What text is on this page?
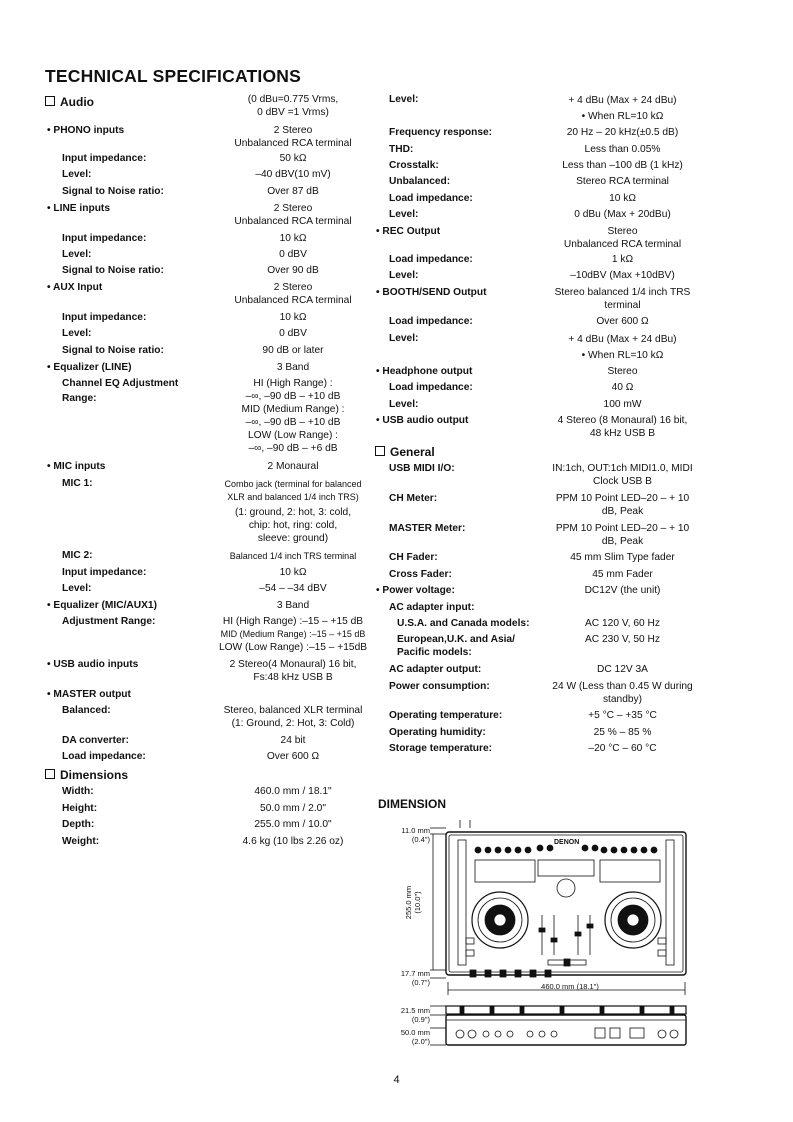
TECHNICAL SPECIFICATIONS
Audio	(0 dBu=0.775 Vrms,
0 dBV =1 Vrms)
• PHONO inputs	2 Stereo
Unbalanced RCA terminal
Input impedance:	50 kΩ
Level:	–40 dBV(10 mV)
Signal to Noise ratio:	Over 87 dB
• LINE inputs	2 Stereo
Unbalanced RCA terminal
Input impedance:	10 kΩ
Level:	0 dBV
Signal to Noise ratio:	Over 90 dB
• AUX Input	2 Stereo
Unbalanced RCA terminal
Input impedance:	10 kΩ
Level:	0 dBV
Signal to Noise ratio:	90 dB or later
• Equalizer (LINE)	3 Band
Channel EQ Adjustment
Range:
HI (High Range) :
–∞, –90 dB – +10 dB
MID (Medium Range) :
–∞, –90 dB – +10 dB
LOW (Low Range) :
–∞, –90 dB – +6 dB
• MIC inputs	2 Monaural
MIC 1:	Combo jack (terminal for balanced
XLR and balanced 1/4 inch TRS)
(1: ground, 2: hot, 3: cold,
chip: hot, ring: cold,
sleeve: ground)
MIC 2:	Balanced 1/4 inch TRS terminal
Input impedance:	10 kΩ
Level:	–54 – –34 dBV
• Equalizer (MIC/AUX1)	3 Band
Adjustment Range:	HI (High Range) :–15 – +15 dB
MID (Medium Range) :–15 – +15 dB
LOW (Low Range) :–15 – +15dB
• USB audio inputs	2 Stereo(4 Monaural) 16 bit,
Fs:48 kHz USB B
• MASTER output
Balanced:	Stereo, balanced XLR terminal
(1: Ground, 2: Hot, 3: Cold)
DA converter:	24 bit
Load impedance:	Over 600 Ω
Dimensions
Width:	460.0 mm / 18.1"
Height:	50.0 mm / 2.0"
Depth:	255.0 mm / 10.0"
Weight:	4.6 kg (10 lbs 2.26 oz)
Level:	+ 4 dBu (Max + 24 dBu)
• When RL=10 kΩ
Frequency response:	20 Hz – 20 kHz(±0.5 dB)
THD:	Less than 0.05%
Crosstalk:	Less than –100 dB (1 kHz)
Unbalanced:	Stereo RCA terminal
Load impedance:	10 kΩ
Level:	0 dBu (Max + 20dBu)
• REC Output	Stereo
Unbalanced RCA terminal
Load impedance:	1 kΩ
Level:	–10dBV (Max +10dBV)
• BOOTH/SEND Output	Stereo balanced 1/4 inch TRS
terminal
Load impedance:	Over 600 Ω
Level:	+ 4 dBu (Max + 24 dBu)
• When RL=10 kΩ
• Headphone output	Stereo
Load impedance:	40 Ω
Level:	100 mW
• USB audio output	4 Stereo (8 Monaural) 16 bit,
48 kHz USB B
General
USB MIDI I/O:	IN:1ch, OUT:1ch MIDI1.0, MIDI
Clock USB B
CH Meter:	PPM 10 Point LED–20 – + 10
dB, Peak
MASTER Meter:	PPM 10 Point LED–20 – + 10
dB, Peak
CH Fader:	45 mm Slim Type fader
Cross Fader:	45 mm Fader
• Power voltage:	DC12V (the unit)
AC adapter input:
U.S.A. and Canada models:	AC 120 V, 60 Hz
European,U.K. and Asia/
Pacific models:
AC 230 V, 50 Hz
AC adapter output:	DC 12V 3A
Power consumption:	24 W (Less than 0.45 W during
standby)
Operating temperature:	+5 °C – +35 °C
Operating humidity:	25 % – 85 %
Storage temperature:	–20 °C – 60 °C
DIMENSION
11.0 mm
(0.4")
255.0 mm (10.0")
17.7 mm
(0.7")	460.0 mm (18.1")
21.5 mm
(0.9")
50.0 mm
(2.0")
DENON
4
